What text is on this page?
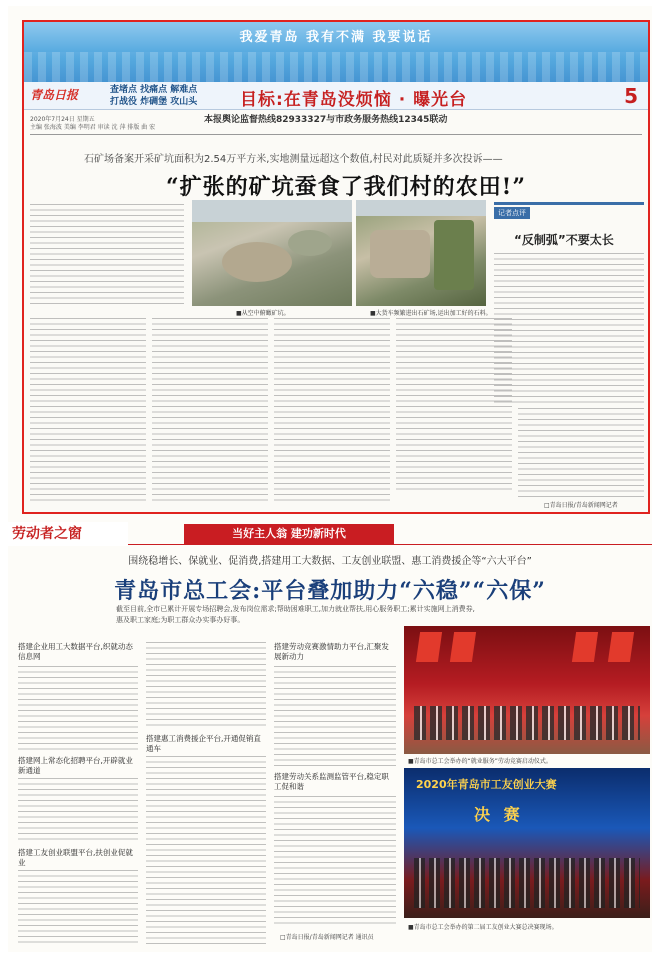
我爱青岛 我有不满 我要说话
青岛日报	查堵点 找痛点 解难点
打战役 炸碉堡 攻山头	目标:在青岛没烦恼 · 曝光台	5
2020年7月24日 星期五
主编 张海波 美编 李明君 审读 沈 萍 排版 曲 宏
本报舆论监督热线82933327与市政务服务热线12345联动
石矿场备案开采矿坑面积为2.54万平方米,实地测量远超这个数值,村民对此质疑并多次投诉——
“扩张的矿坑蚕食了我们村的农田!”
■从空中俯瞰矿坑。	■大货车频繁进出石矿场,运出加工好的石料。
记者点评
“反制弧”不要太长
□青岛日报/青岛新闻网记者
劳动者之窗	当好主人翁 建功新时代
围绕稳增长、保就业、促消费,搭建用工大数据、工友创业联盟、惠工消费援企等“六大平台”
青岛市总工会:平台叠加助力“六稳”“六保”
截至目前,全市已累计开展专场招聘会,发布岗位需求;帮助困难职工,加力就业帮扶,用心服务职工;累计实施网上消费券,惠及职工家庭;为职工群众办实事办好事。
搭建企业用工大数据平台,织就动态信息网
搭建网上常态化招聘平台,开辟就业新通道
搭建工友创业联盟平台,扶创业促就业
搭建惠工消费援企平台,开通促销直通车
搭建劳动竞赛激情助力平台,汇聚发展新动力
搭建劳动关系监测监管平台,稳定职工促和谐
□青岛日报/青岛新闻网记者 通讯员
■青岛市总工会举办的“就业服务”劳动竞赛启动仪式。
2020年青岛市工友创业大赛
决 赛
■青岛市总工会举办的第二届工友创业大赛总决赛现场。
